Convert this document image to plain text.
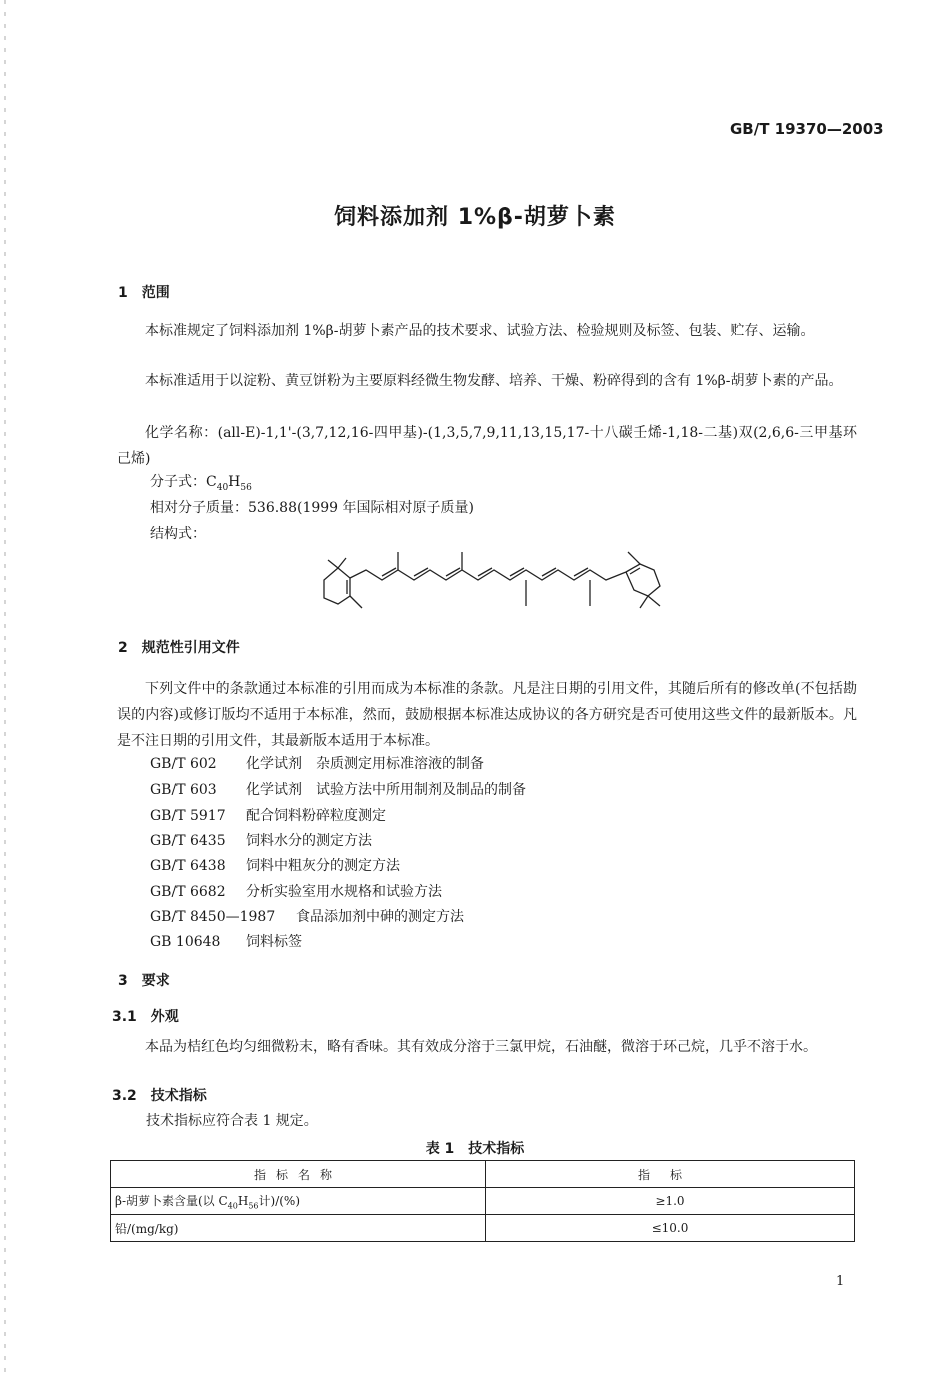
GB/T 19370—2003
饲料添加剂 1%β-胡萝卜素
1　范围
本标准规定了饲料添加剂 1%β-胡萝卜素产品的技术要求、试验方法、检验规则及标签、包装、贮存、运输。
本标准适用于以淀粉、黄豆饼粉为主要原料经微生物发酵、培养、干燥、粉碎得到的含有 1%β-胡萝卜素的产品。
化学名称：(all-E)-1,1'-(3,7,12,16-四甲基)-(1,3,5,7,9,11,13,15,17-十八碳壬烯-1,18-二基)双(2,6,6-三甲基环己烯)
分子式：$C_{40}H_{56}$
相对分子质量：536.88(1999 年国际相对原子质量)
结构式：
2　规范性引用文件
下列文件中的条款通过本标准的引用而成为本标准的条款。凡是注日期的引用文件，其随后所有的修改单(不包括勘误的内容)或修订版均不适用于本标准，然而，鼓励根据本标准达成协议的各方研究是否可使用这些文件的最新版本。凡是不注日期的引用文件，其最新版本适用于本标准。
GB/T 602 化学试剂　杂质测定用标准溶液的制备
GB/T 603 化学试剂　试验方法中所用制剂及制品的制备
GB/T 5917 配合饲料粉碎粒度测定
GB/T 6435 饲料水分的测定方法
GB/T 6438 饲料中粗灰分的测定方法
GB/T 6682 分析实验室用水规格和试验方法
GB/T 8450—1987 食品添加剂中砷的测定方法
GB 10648 饲料标签
3　要求
3.1　外观
本品为桔红色均匀细微粉末，略有香味。其有效成分溶于三氯甲烷，石油醚，微溶于环己烷，几乎不溶于水。
3.2　技术指标
技术指标应符合表 1 规定。
表 1　技术指标
指标名称	指标
β-胡萝卜素含量(以 $C_{40}H_{56}$计)/(%)	≥1.0
铅/(mg/kg)	≤10.0
1
